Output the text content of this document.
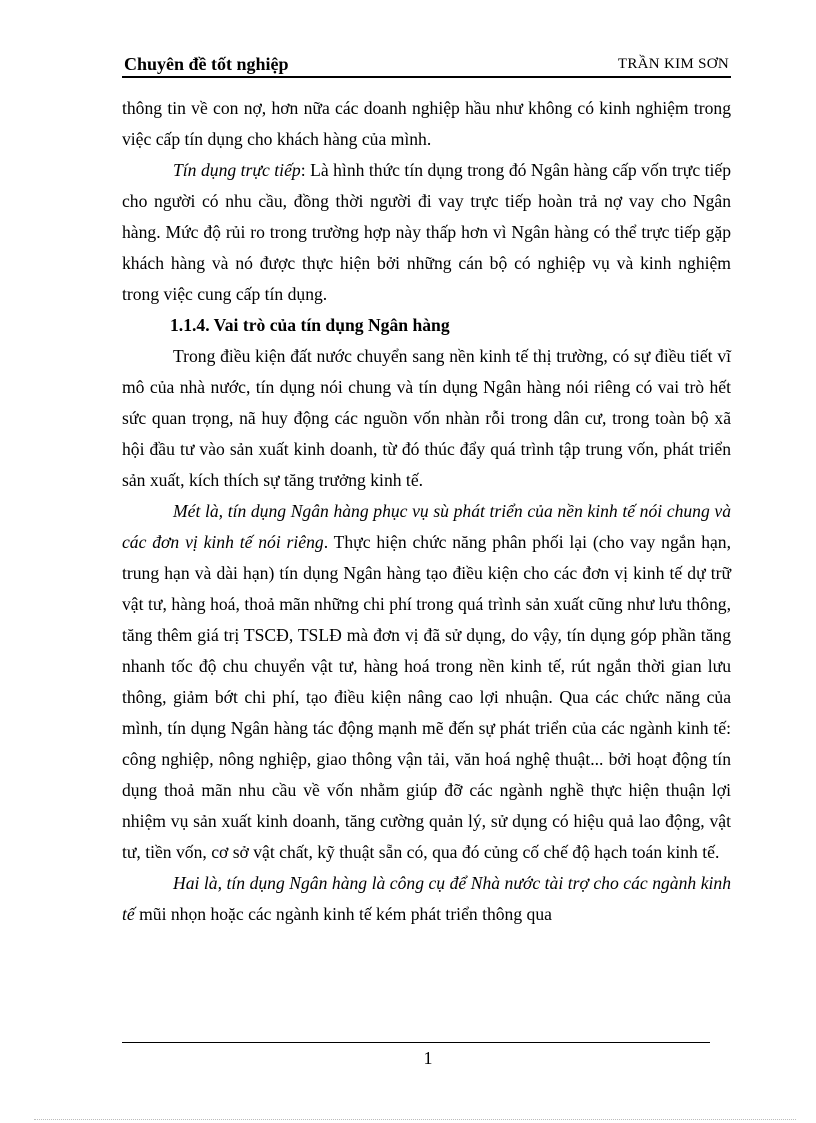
Chuyên đề tốt nghiệp	TRẦN KIM SƠN

thông tin về con nợ, hơn nữa các doanh nghiệp hầu như không có kinh nghiệm trong việc cấp tín dụng cho khách hàng của mình.

Tín dụng trực tiếp: Là hình thức tín dụng trong đó Ngân hàng cấp vốn trực tiếp cho người có nhu cầu, đồng thời người đi vay trực tiếp hoàn trả nợ vay cho Ngân hàng. Mức độ rủi ro trong trường hợp này thấp hơn vì Ngân hàng có thể trực tiếp gặp khách hàng và nó được thực hiện bởi những cán bộ có nghiệp vụ và kinh nghiệm trong việc cung cấp tín dụng.

1.1.4. Vai trò của tín dụng Ngân hàng

Trong điều kiện đất nước chuyển sang nền kinh tế thị trường, có sự điều tiết vĩ mô của nhà nước, tín dụng nói chung và tín dụng Ngân hàng nói riêng có vai trò hết sức quan trọng, nã huy động các nguồn vốn nhàn rỗi trong dân cư, trong toàn bộ xã hội đầu tư vào sản xuất kinh doanh, từ đó thúc đẩy quá trình tập trung vốn, phát triển sản xuất, kích thích sự tăng trưởng kinh tế.

Mét là, tín dụng Ngân hàng phục vụ sù phát triển của nền kinh tế nói chung và các đơn vị kinh tế nói riêng. Thực hiện chức năng phân phối lại (cho vay ngắn hạn, trung hạn và dài hạn) tín dụng Ngân hàng tạo điều kiện cho các đơn vị kinh tế dự trữ vật tư, hàng hoá, thoả mãn những chi phí trong quá trình sản xuất cũng như lưu thông, tăng thêm giá trị TSCĐ, TSLĐ mà đơn vị đã sử dụng, do vậy, tín dụng góp phần tăng nhanh tốc độ chu chuyển vật tư, hàng hoá trong nền kinh tế, rút ngắn thời gian lưu thông, giảm bớt chi phí, tạo điều kiện nâng cao lợi nhuận. Qua các chức năng của mình, tín dụng Ngân hàng tác động mạnh mẽ đến sự phát triển của các ngành kinh tế: công nghiệp, nông nghiệp, giao thông vận tải, văn hoá nghệ thuật... bởi hoạt động tín dụng thoả mãn nhu cầu về vốn nhằm giúp đỡ các ngành nghề thực hiện thuận lợi nhiệm vụ sản xuất kinh doanh, tăng cường quản lý, sử dụng có hiệu quả lao động, vật tư, tiền vốn, cơ sở vật chất, kỹ thuật sẵn có, qua đó củng cố chế độ hạch toán kinh tế.

Hai là, tín dụng Ngân hàng là công cụ để Nhà nước tài trợ cho các ngành kinh tế mũi nhọn hoặc các ngành kinh tế kém phát triển thông qua

1
